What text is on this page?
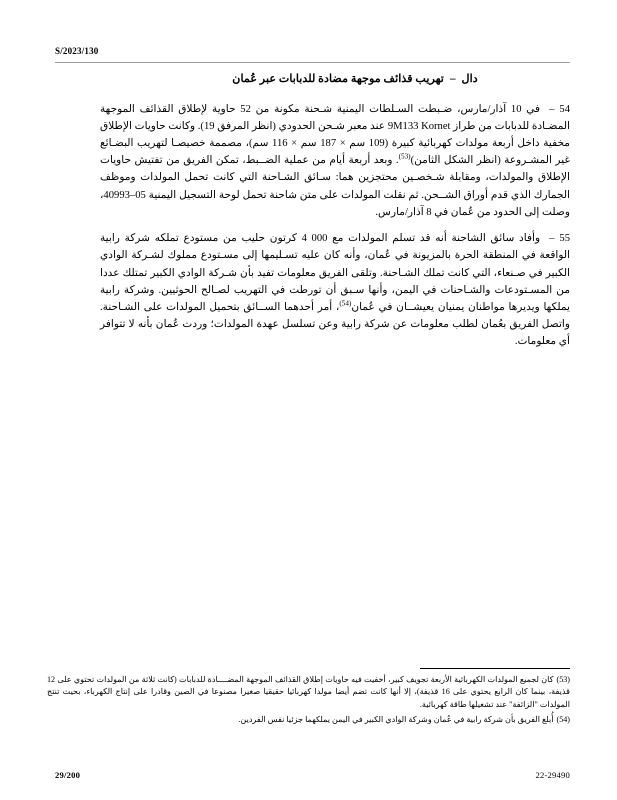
S/2023/130
دال–تهريب قذائف موجهة مضادة للدبابات عبر عُمان

54–في 10 آذار/مارس، ضـبطت السـلطات اليمنية شـحنة مكونة من 52 حاوية لإطلاق القذائف الموجهة المضـادة للدبابات من طراز 9M133 Kornet عند معبر شـحن الحدودي (انظر المرفق 19). وكانت حاويات الإطلاق مخفية داخل أربعة مولدات كهربائية كبيرة (109 سم × 187 سم × 116 سم)، مصممة خصيصـا لتهريب البضـائع غير المشـروعة (انظر الشكل الثامن)$^{(53)}$. وبعد أربعة أيام من عملية الضــبط، تمكن الفريق من تفتيش حاويات الإطلاق والمولدات، ومقابلة شـخصـين محتجزين هما: سـائق الشـاحنة التي كانت تحمل المولدات وموظف الجمارك الذي قدم أوراق الشــحن. ثم نقلت المولدات على متن شاحنة تحمل لوحة التسجيل اليمنية 05–40993، وصلت إلى الحدود من عُمان في 8 آذار/مارس.

55–وأفاد سائق الشاحنة أنه قد تسلم المولدات مع 000 4 كرتون حليب من مستودع تملكه شركة رابية الواقعة في المنطقة الحرة بالمزيونة في عُمان، وأنه كان عليه تسـليمها إلى مسـتودع مملوك لشـركة الوادي الكبير في صـنعاء، التي كانت تملك الشـاحنة. وتلقى الفريق معلومات تفيد بأن شـركة الوادي الكبير تمتلك عددا من المسـتودعات والشـاحنات في اليمن، وأنها سـبق أن تورطت في التهريب لصـالح الحوثيين. وشركة رابية يملكها ويديرها مواطنان يمنيان يعيشــان في عُمان$^{(54)}$، أمر أحدهما الســائق بتحميل المولدات على الشـاحنة. واتصل الفريق بعُمان لطلب معلومات عن شركة رابية وعن تسلسل عهدة المولدات؛ وردت عُمان بأنه لا تتوافر أي معلومات.

(53)كان لجميع المولدات الكهربائية الأربعة تجويف كبير، أخفيت فيه حاويات إطلاق القذائف الموجهة المضــــادة للدبابات (كانت ثلاثة من المولدات تحتوي على 12 قذيفة، بينما كان الرابع يحتوي على 16 قذيفة)، إلا أنها كانت تضم أيضا مولدا كهربائيا حقيقيا صغيرا مصنوعا في الصين وقادرا على إنتاج الكهرباء، بحيث تنتج المولدات "الزائفة" عند تشغيلها طاقة كهربائية.

(54)أُبلغ الفريق بأن شركة رابية في عُمان وشركة الوادي الكبير في اليمن يملكهما جزئيا نفس الفردين.

29/200	22-29490
